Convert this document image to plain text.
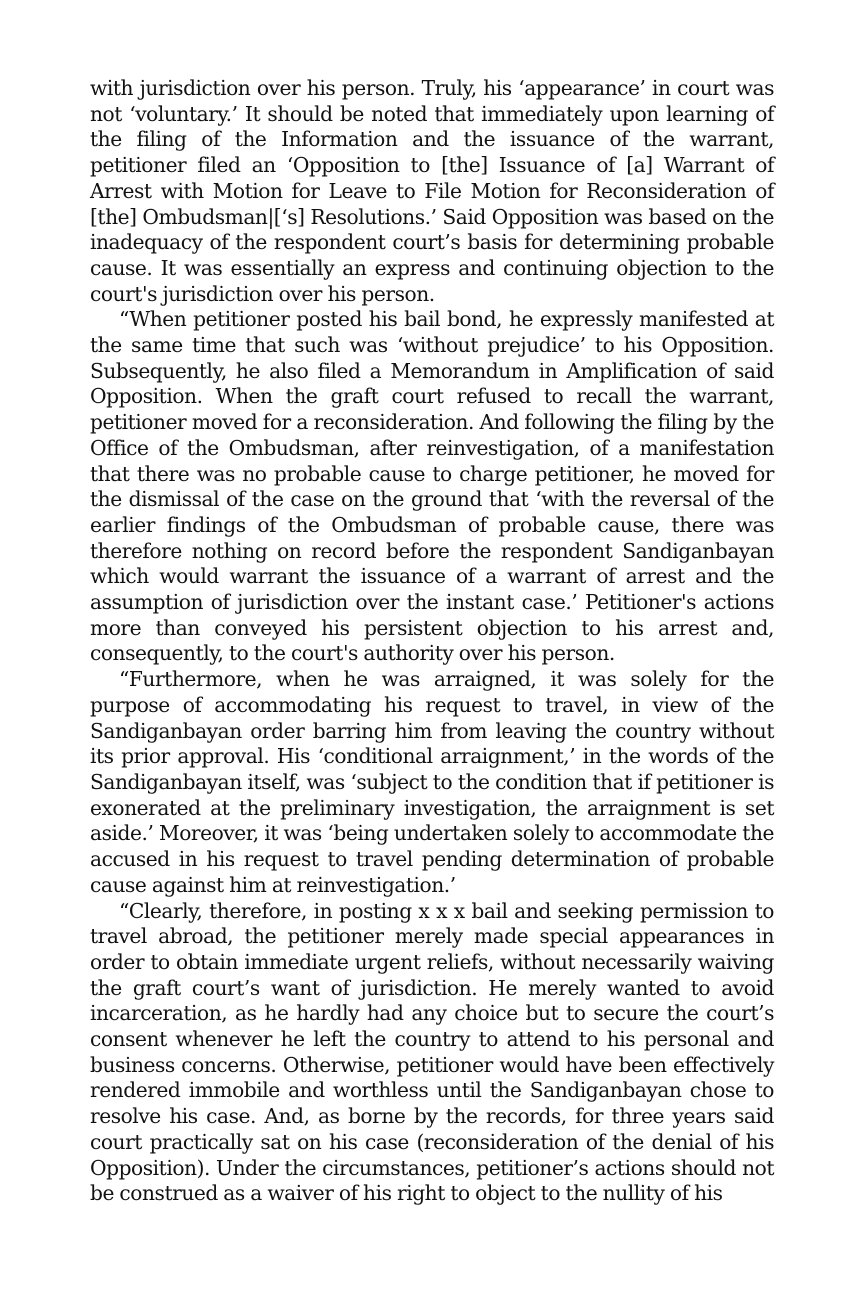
with jurisdiction over his person. Truly, his ‘appearance’ in court was not ‘voluntary.’ It should be noted that immediately upon learning of the filing of the Information and the issuance of the warrant, petitioner filed an ‘Opposition to [the] Issuance of [a] Warrant of Arrest with Motion for Leave to File Motion for Reconsideration of [the] Ombudsman|[‘s] Resolutions.’ Said Opposition was based on the inadequacy of the respondent court’s basis for determining probable cause. It was essentially an express and continuing objection to the court's jurisdiction over his person.

“When petitioner posted his bail bond, he expressly manifested at the same time that such was ‘without prejudice’ to his Opposition. Subsequently, he also filed a Memorandum in Amplification of said Opposition. When the graft court refused to recall the warrant, petitioner moved for a reconsideration. And following the filing by the Office of the Ombudsman, after reinvestigation, of a manifestation that there was no probable cause to charge petitioner, he moved for the dismissal of the case on the ground that ‘with the reversal of the earlier findings of the Ombudsman of probable cause, there was therefore nothing on record before the respondent Sandiganbayan which would warrant the issuance of a warrant of arrest and the assumption of jurisdiction over the instant case.’ Petitioner's actions more than conveyed his persistent objection to his arrest and, consequently, to the court's authority over his person.

“Furthermore, when he was arraigned, it was solely for the purpose of accommodating his request to travel, in view of the Sandiganbayan order barring him from leaving the country without its prior approval. His ‘conditional arraignment,’ in the words of the Sandiganbayan itself, was ‘subject to the condition that if petitioner is exonerated at the preliminary investigation, the arraignment is set aside.’ Moreover, it was ‘being undertaken solely to accommodate the accused in his request to travel pending determination of probable cause against him at reinvestigation.’

“Clearly, therefore, in posting x x x bail and seeking permission to travel abroad, the petitioner merely made special appearances in order to obtain immediate urgent reliefs, without necessarily waiving the graft court’s want of jurisdiction. He merely wanted to avoid incarceration, as he hardly had any choice but to secure the court’s consent whenever he left the country to attend to his personal and business concerns. Otherwise, petitioner would have been effectively rendered immobile and worthless until the Sandiganbayan chose to resolve his case. And, as borne by the records, for three years said court practically sat on his case (reconsideration of the denial of his Opposition). Under the circumstances, petitioner’s actions should not be construed as a waiver of his right to object to the nullity of his
